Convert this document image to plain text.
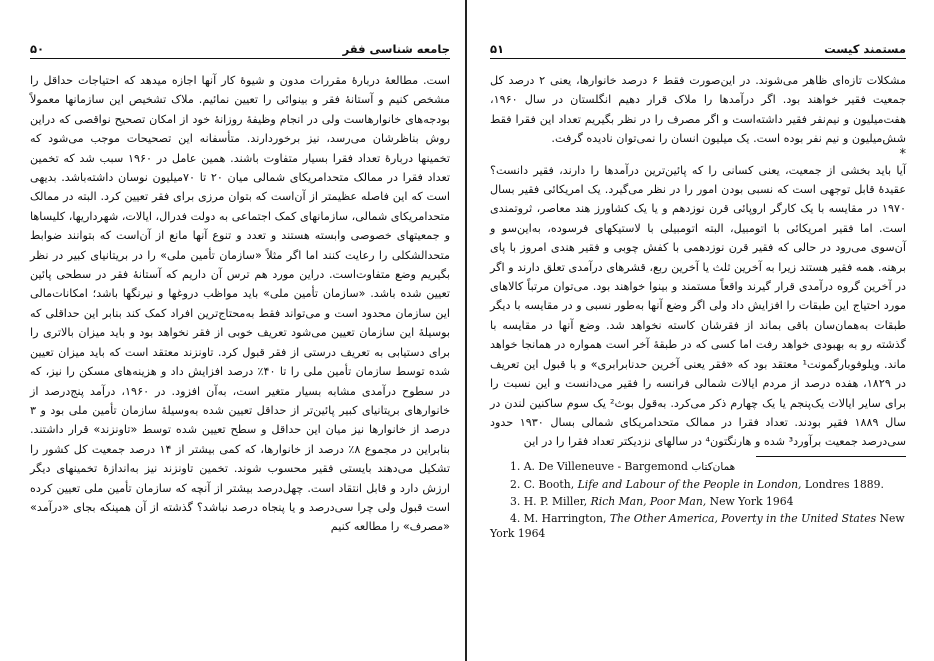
۵۰	جامعه شناسی فقر

است. مطالعهٔ دربارهٔ مقررات مدون و شیوهٔ کار آنها اجازه میدهد که احتیاجات حداقل را مشخص کنیم و آستانهٔ فقر و بینوائی را تعیین نمائیم. ملاک تشخیص این سازمانها معمولاً بودجه‌های خانوارهاست ولی در انجام وظیفهٔ روزانهٔ خود از امکان تصحیح نواقصی که دراین روش بناظرشان می‌رسد، نیز برخوردارند. متأسفانه این تصحیحات موجب می‌شود که تخمینها دربارهٔ تعداد فقرا بسیار متفاوت باشند. همین عامل در ۱۹۶۰ سبب شد که تخمین تعداد فقرا در ممالک متحدامریکای شمالی میان ۲۰ تا ۷۰میلیون نوسان داشته‌باشد. بدیهی است که این فاصله عظیمتر از آن‌است که بتوان مرزی برای فقر تعیین کرد. البته در ممالک متحدامریکای شمالی، سازمانهای کمک اجتماعی به دولت فدرال، ایالات، شهرداریها، کلیساها و جمعیتهای خصوصی وابسته هستند و تعدد و تنوع آنها مانع از آن‌است که بتوانند ضوابط متحدالشکلی را رعایت کنند اما اگر مثلاً «سازمان تأمین ملی» را در بریتانیای کبیر در نظر بگیریم وضع متفاوت‌است. دراین مورد هم ترس آن داریم که آستانهٔ فقر در سطحی پائین تعیین شده باشد. «سازمان تأمین ملی» باید مواظب دروغها و نیرنگها باشد؛ امکانات‌مالی این سازمان محدود است و می‌تواند فقط به‌محتاج‌ترین افراد کمک کند بنابر این حداقلی که بوسیلهٔ این سازمان تعیین می‌شود تعریف خوبی از فقر نخواهد بود و باید میزان بالاتری را برای دستیابی به تعریف درستی از فقر قبول کرد. تاونزند معتقد است که باید میزان تعیین شده توسط سازمان تأمین ملی را تا ۴۰٪ درصد افزایش داد و هزینه‌های مسکن را نیز، که در سطوح درآمدی مشابه بسیار متغیر است، به‌آن افزود. در ۱۹۶۰، درآمد پنج‌درصد از خانوارهای بریتانیای کبیر پائین‌تر از حداقل تعیین شده به‌وسیلهٔ سازمان تأمین ملی بود و ۳ درصد از خانوارها نیز میان این حداقل و سطح تعیین شده توسط «تاونزند» قرار داشتند. بنابراین در مجموع ۸٪ درصد از خانوارها، که کمی بیشتر از ۱۴ درصد جمعیت کل کشور را تشکیل می‌دهند بایستی فقیر محسوب شوند. تخمین تاونزند نیز به‌اندازهٔ تخمینهای دیگر ارزش دارد و قابل انتقاد است. چهل‌درصد بیشتر از آنچه که سازمان تأمین ملی تعیین کرده است قبول ولی چرا سی‌درصد و یا پنجاه درصد نباشد؟ گذشته از آن همینکه بجای «درآمد» «مصرف» را مطالعه کنیم

۵۱	مستمند کیست

مشکلات تازه‌ای ظاهر می‌شوند. در این‌صورت فقط ۶ درصد خانوارها، یعنی ۲ درصد کل جمعیت فقیر خواهند بود. اگر درآمدها را ملاک قرار دهیم انگلستان در سال ۱۹۶۰، هفت‌میلیون و نیم‌نفر فقیر داشته‌است و اگر مصرف را در نظر بگیریم تعداد این فقرا فقط شش‌میلیون و نیم نفر بوده است. یک میلیون انسان را نمی‌توان نادیده گرفت.

*

آیا باید بخشی از جمعیت، یعنی کسانی را که پائین‌ترین درآمدها را دارند، فقیر دانست؟ عقیدهٔ قابل توجهی است که نسبی بودن امور را در نظر می‌گیرد. یک امریکائی فقیر بسال ۱۹۷۰ در مقایسه با یک کارگر اروپائی قرن نوزدهم و یا یک کشاورز هند معاصر، ثروتمندی است. اما فقیر امریکائی با اتومبیل، البته اتومبیلی با لاستیکهای فرسوده، به‌این‌سو و آن‌سوی می‌رود در حالی که فقیر قرن نوزدهمی با کفش چوبی و فقیر هندی امروز با پای برهنه. همه فقیر هستند زیرا به آخرین ثلث یا آخرین ربع، قشرهای درآمدی تعلق دارند و اگر در آخرین گروه درآمدی قرار گیرند واقعاً مستمند و بینوا خواهند بود. می‌توان مرتباً کالاهای مورد احتیاج این طبقات را افزایش داد ولی اگر وضع آنها به‌طور نسبی و در مقایسه با دیگر طبقات به‌همان‌سان باقی بماند از فقرشان کاسته نخواهد شد. وضع آنها در مقایسه با گذشته رو به بهبودی خواهد رفت اما کسی که در طبقهٔ آخر است همواره در همانجا خواهد ماند. ویلوفوبارگمونت¹ معتقد بود که «فقر یعنی آخرین حدنابرابری» و با قبول این تعریف در ۱۸۲۹، هفده درصد از مردم ایالات شمالی فرانسه را فقیر می‌دانست و این نسبت را برای سایر ایالات یک‌پنجم یا یک چهارم ذکر می‌کرد. به‌قول بوث² یک سوم ساکنین لندن در سال ۱۸۸۹ فقیر بودند. تعداد فقرا در ممالک متحدامریکای شمالی بسال ۱۹۳۰ حدود سی‌درصد جمعیت برآورد³ شده و هارنگتون⁴ در سالهای نزدیکتر تعداد فقرا را در این

1. A. De Villeneuve - Bargemond همان‌کتاب

2. C. Booth, Life and Labour of the People in London, Londres 1889.

3. H. P. Miller, Rich Man, Poor Man, New York 1964

4. M. Harrington, The Other America, Poverty in the United States New York 1964
